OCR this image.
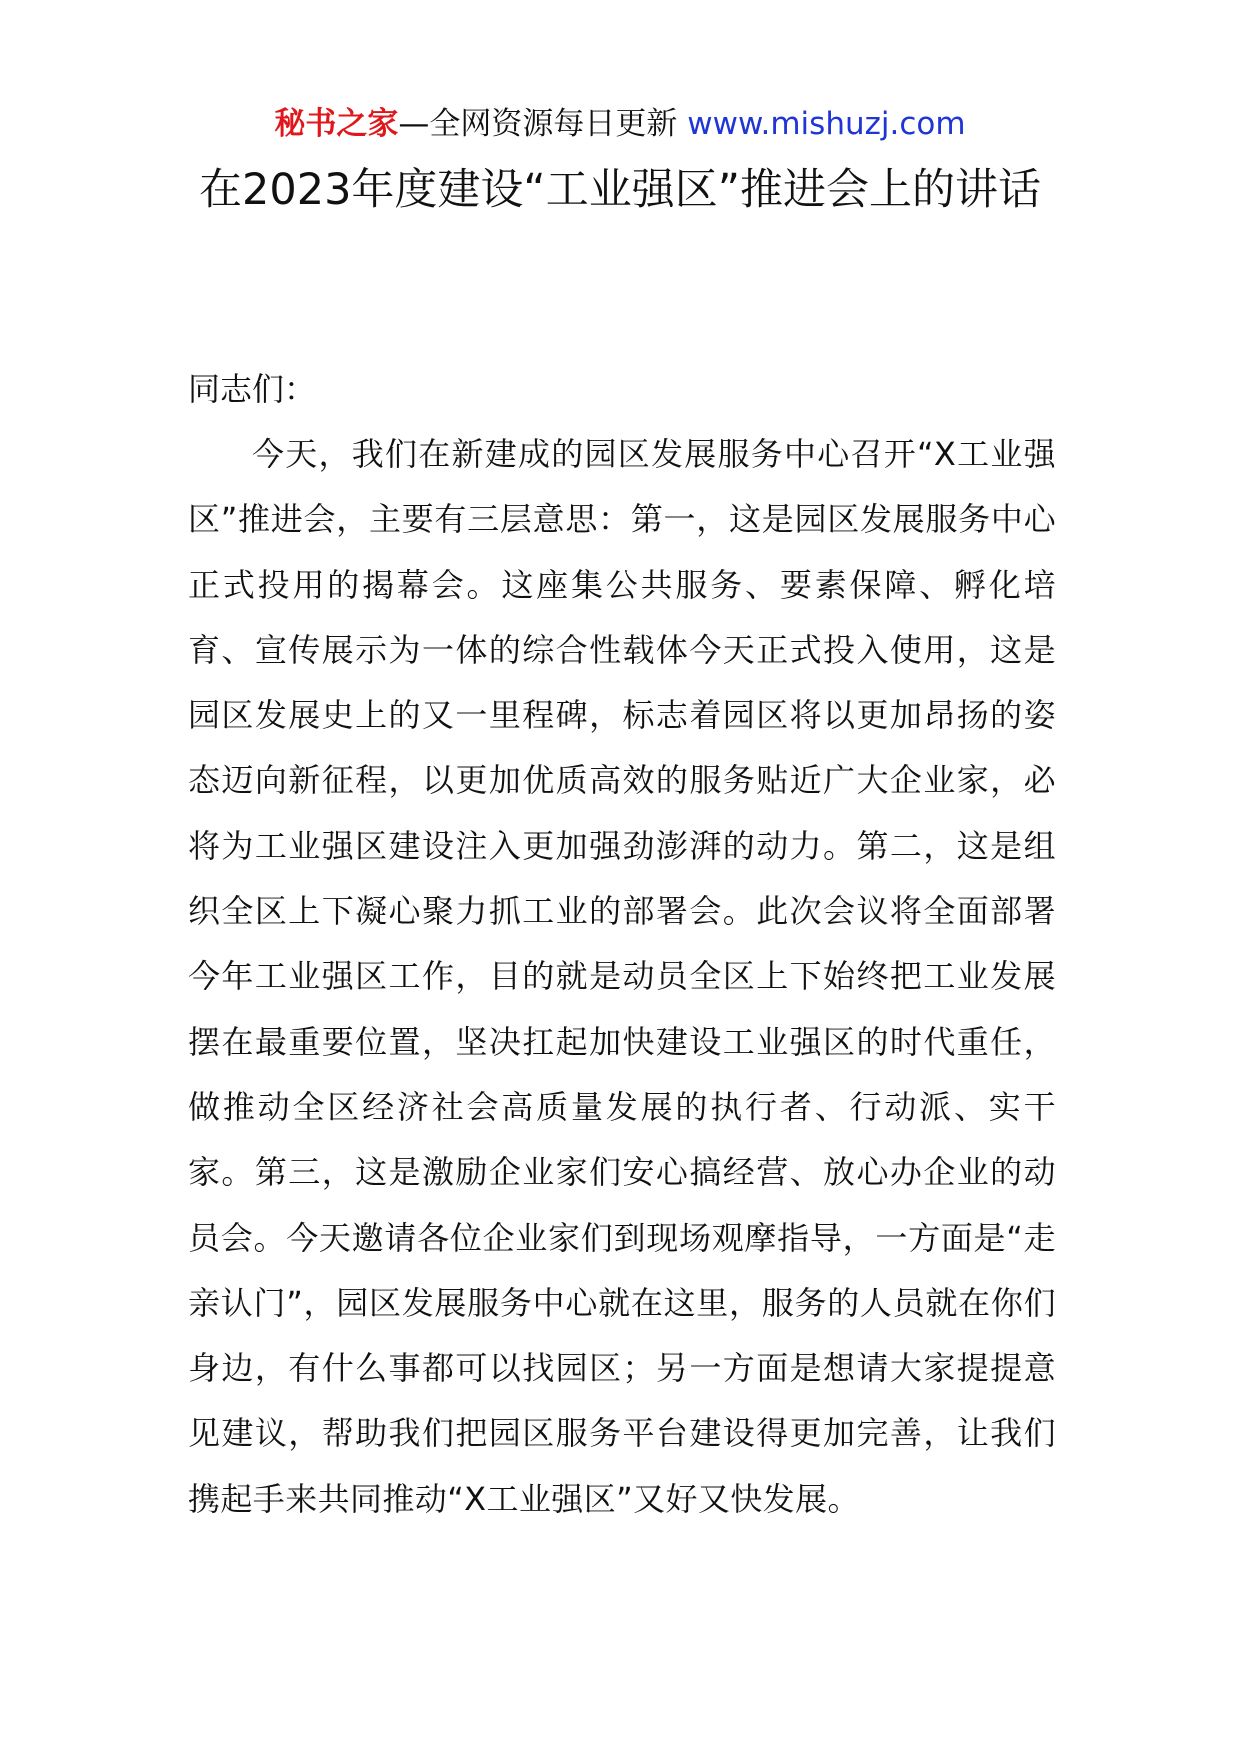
秘书之家—全网资源每日更新 www.mishuzj.com
在2023年度建设“工业强区”推进会上的讲话

同志们：

今天，我们在新建成的园区发展服务中心召开“X工业强区”推进会，主要有三层意思：第一，这是园区发展服务中心正式投用的揭幕会。这座集公共服务、要素保障、孵化培育、宣传展示为一体的综合性载体今天正式投入使用，这是园区发展史上的又一里程碑，标志着园区将以更加昂扬的姿态迈向新征程，以更加优质高效的服务贴近广大企业家，必将为工业强区建设注入更加强劲澎湃的动力。第二，这是组织全区上下凝心聚力抓工业的部署会。此次会议将全面部署今年工业强区工作，目的就是动员全区上下始终把工业发展摆在最重要位置，坚决扛起加快建设工业强区的时代重任，做推动全区经济社会高质量发展的执行者、行动派、实干家。第三，这是激励企业家们安心搞经营、放心办企业的动员会。今天邀请各位企业家们到现场观摩指导，一方面是“走亲认门”，园区发展服务中心就在这里，服务的人员就在你们身边，有什么事都可以找园区；另一方面是想请大家提提意见建议，帮助我们把园区服务平台建设得更加完善，让我们携起手来共同推动“X工业强区”又好又快发展。
